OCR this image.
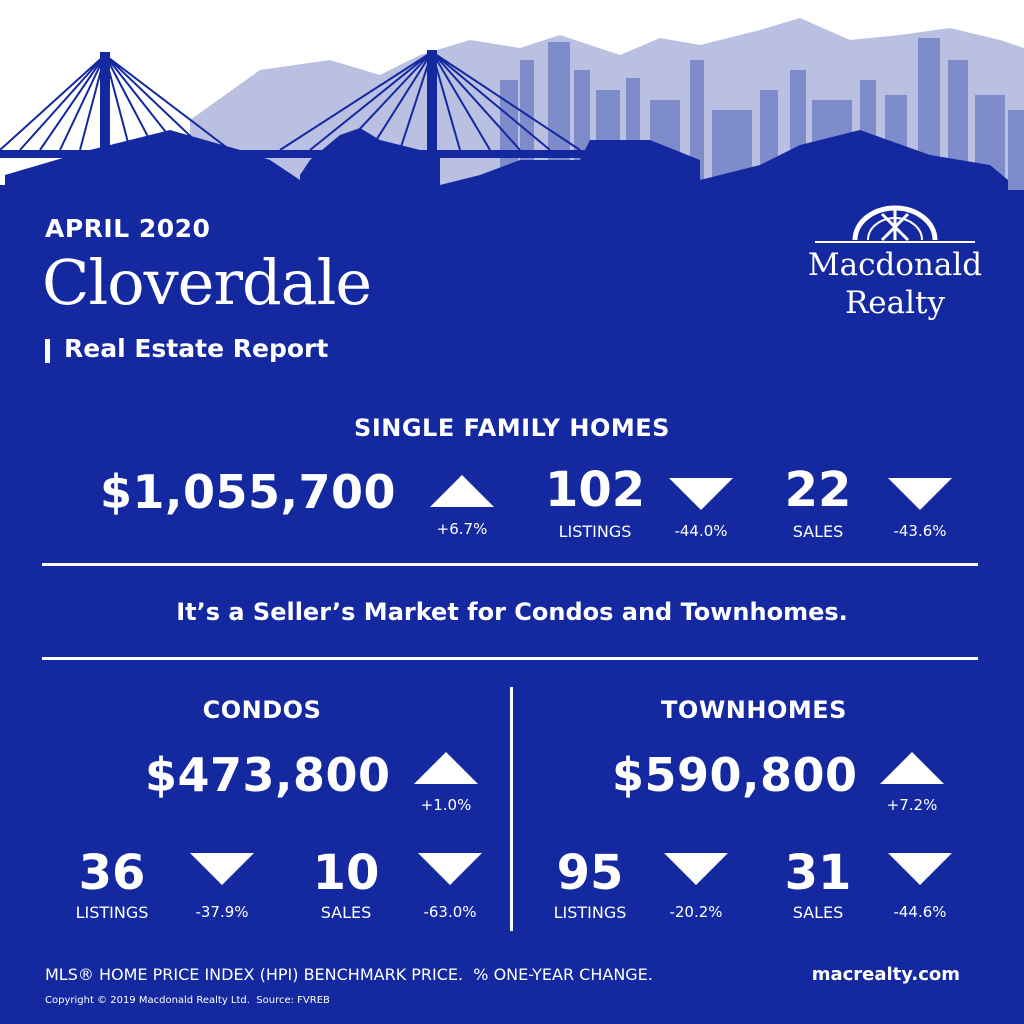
APRIL 2020
Cloverdale
Real Estate Report
Macdonald
Realty
SINGLE FAMILY HOMES
$1,055,700
+6.7%
102
LISTINGS	-44.0%
22
SALES	-43.6%
It’s a Seller’s Market for Condos and Townhomes.
CONDOS
$473,800
+1.0%
36
LISTINGS	-37.9%
10
SALES	-63.0%
TOWNHOMES
$590,800
+7.2%
95
LISTINGS	-20.2%
31
SALES	-44.6%
MLS® HOME PRICE INDEX (HPI) BENCHMARK PRICE.  % ONE-YEAR CHANGE.
Copyright © 2019 Macdonald Realty Ltd.  Source: FVREB
macrealty.com
